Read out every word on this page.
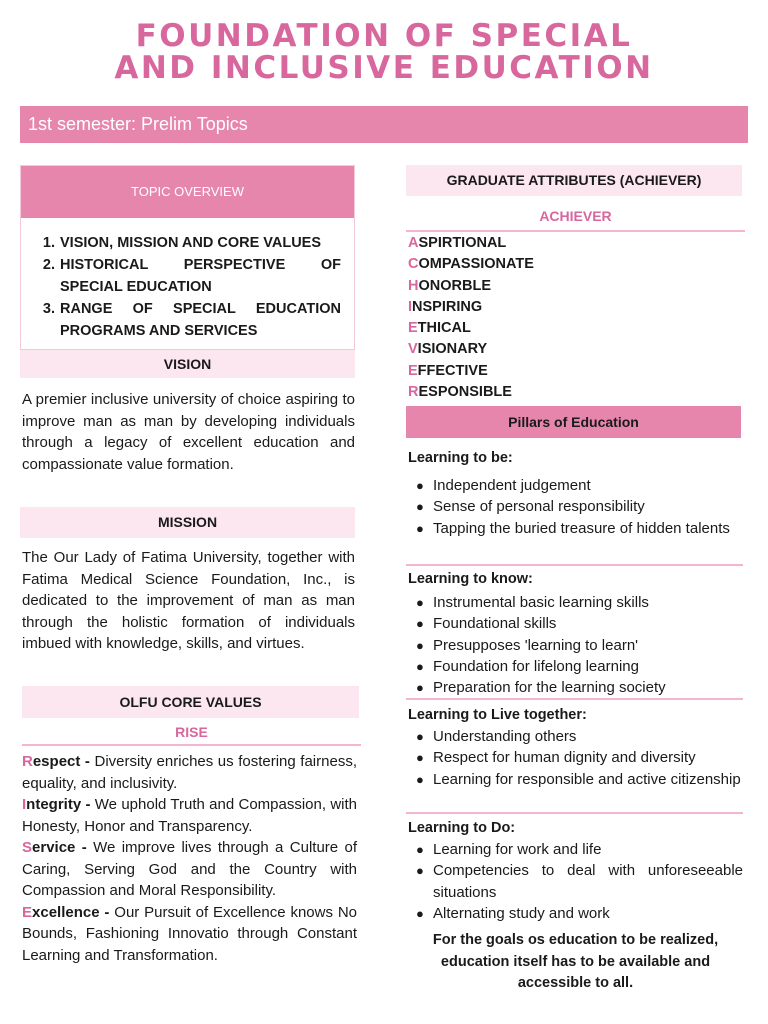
FOUNDATION OF SPECIAL
AND INCLUSIVE EDUCATION
1st semester: Prelim Topics
TOPIC OVERVIEW
1. VISION, MISSION AND CORE VALUES
2. HISTORICAL PERSPECTIVE OF SPECIAL EDUCATION
3. RANGE OF SPECIAL EDUCATION PROGRAMS AND SERVICES
VISION

A premier inclusive university of choice aspiring to improve man as man by developing individuals through a legacy of excellent education and compassionate value formation.

MISSION

The Our Lady of Fatima University, together with Fatima Medical Science Foundation, Inc., is dedicated to the improvement of man as man through the holistic formation of individuals imbued with knowledge, skills, and virtues.

OLFU CORE VALUES
RISE

Respect - Diversity enriches us fostering fairness, equality, and inclusivity.

Integrity - We uphold Truth and Compassion, with Honesty, Honor and Transparency.

Service - We improve lives through a Culture of Caring, Serving God and the Country with Compassion and Moral Responsibility.

Excellence - Our Pursuit of Excellence knows No Bounds, Fashioning Innovatio through Constant Learning and Transformation.

GRADUATE ATTRIBUTES (ACHIEVER)
ACHIEVER
ASPIRTIONAL
COMPASSIONATE
HONORBLE
INSPIRING
ETHICAL
VISIONARY
EFFECTIVE
RESPONSIBLE
Pillars of Education
Learning to be:
● Independent judgement
● Sense of personal responsibility
● Tapping the buried treasure of hidden talents
Learning to know:
● Instrumental basic learning skills
● Foundational skills
● Presupposes 'learning to learn'
● Foundation for lifelong learning
● Preparation for the learning society
Learning to Live together:
● Understanding others
● Respect for human dignity and diversity
● Learning for responsible and active citizenship
Learning to Do:
● Learning for work and life
● Competencies to deal with unforeseeable situations
● Alternating study and work

For the goals os education to be realized, education itself has to be available and accessible to all.
